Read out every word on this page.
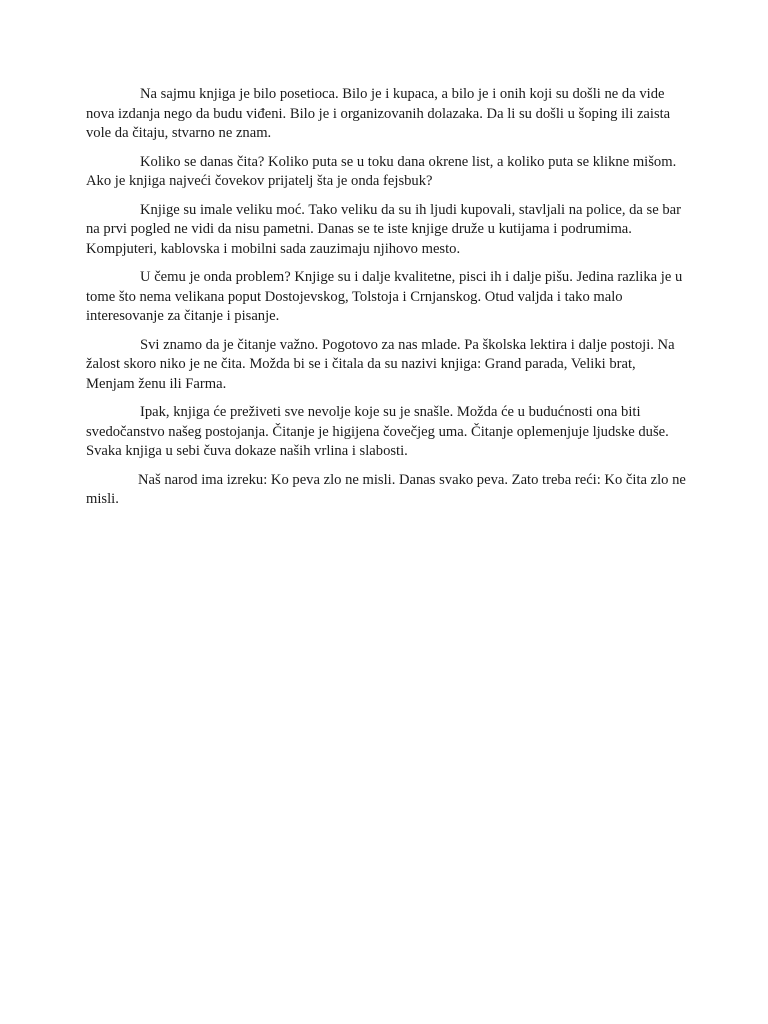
Na sajmu knjiga je bilo posetioca. Bilo je i kupaca, a bilo je i onih koji su došli ne da vide nova izdanja nego da budu viđeni. Bilo je i organizovanih dolazaka. Da li su došli u šoping ili zaista vole da čitaju, stvarno ne znam.

Koliko se danas čita? Koliko puta se u toku dana okrene list, a koliko puta se klikne mišom. Ako je knjiga najveći čovekov prijatelj šta je onda fejsbuk?

Knjige su imale veliku moć. Tako veliku da su ih ljudi kupovali, stavljali na police, da se bar na prvi pogled ne vidi da nisu pametni. Danas se te iste knjige druže u kutijama i podrumima. Kompjuteri, kablovska i mobilni sada zauzimaju njihovo mesto.

U čemu je onda problem? Knjige su i dalje kvalitetne, pisci ih i dalje pišu. Jedina razlika je u tome što nema velikana poput Dostojevskog, Tolstoja i Crnjanskog. Otud valjda i tako malo interesovanje za čitanje i pisanje.

Svi znamo da je čitanje važno. Pogotovo za nas mlade. Pa školska lektira i dalje postoji. Na žalost skoro niko je ne čita. Možda bi se i čitala da su nazivi knjiga: Grand parada, Veliki brat, Menjam ženu ili Farma.

Ipak, knjiga će preživeti sve nevolje koje su je snašle. Možda će u budućnosti ona biti svedočanstvo našeg postojanja. Čitanje je higijena čovečjeg uma. Čitanje oplemenjuje ljudske duše. Svaka knjiga u sebi čuva dokaze naših vrlina i slabosti.

Naš narod ima izreku: Ko peva zlo ne misli. Danas svako peva. Zato treba reći: Ko čita zlo ne misli.
